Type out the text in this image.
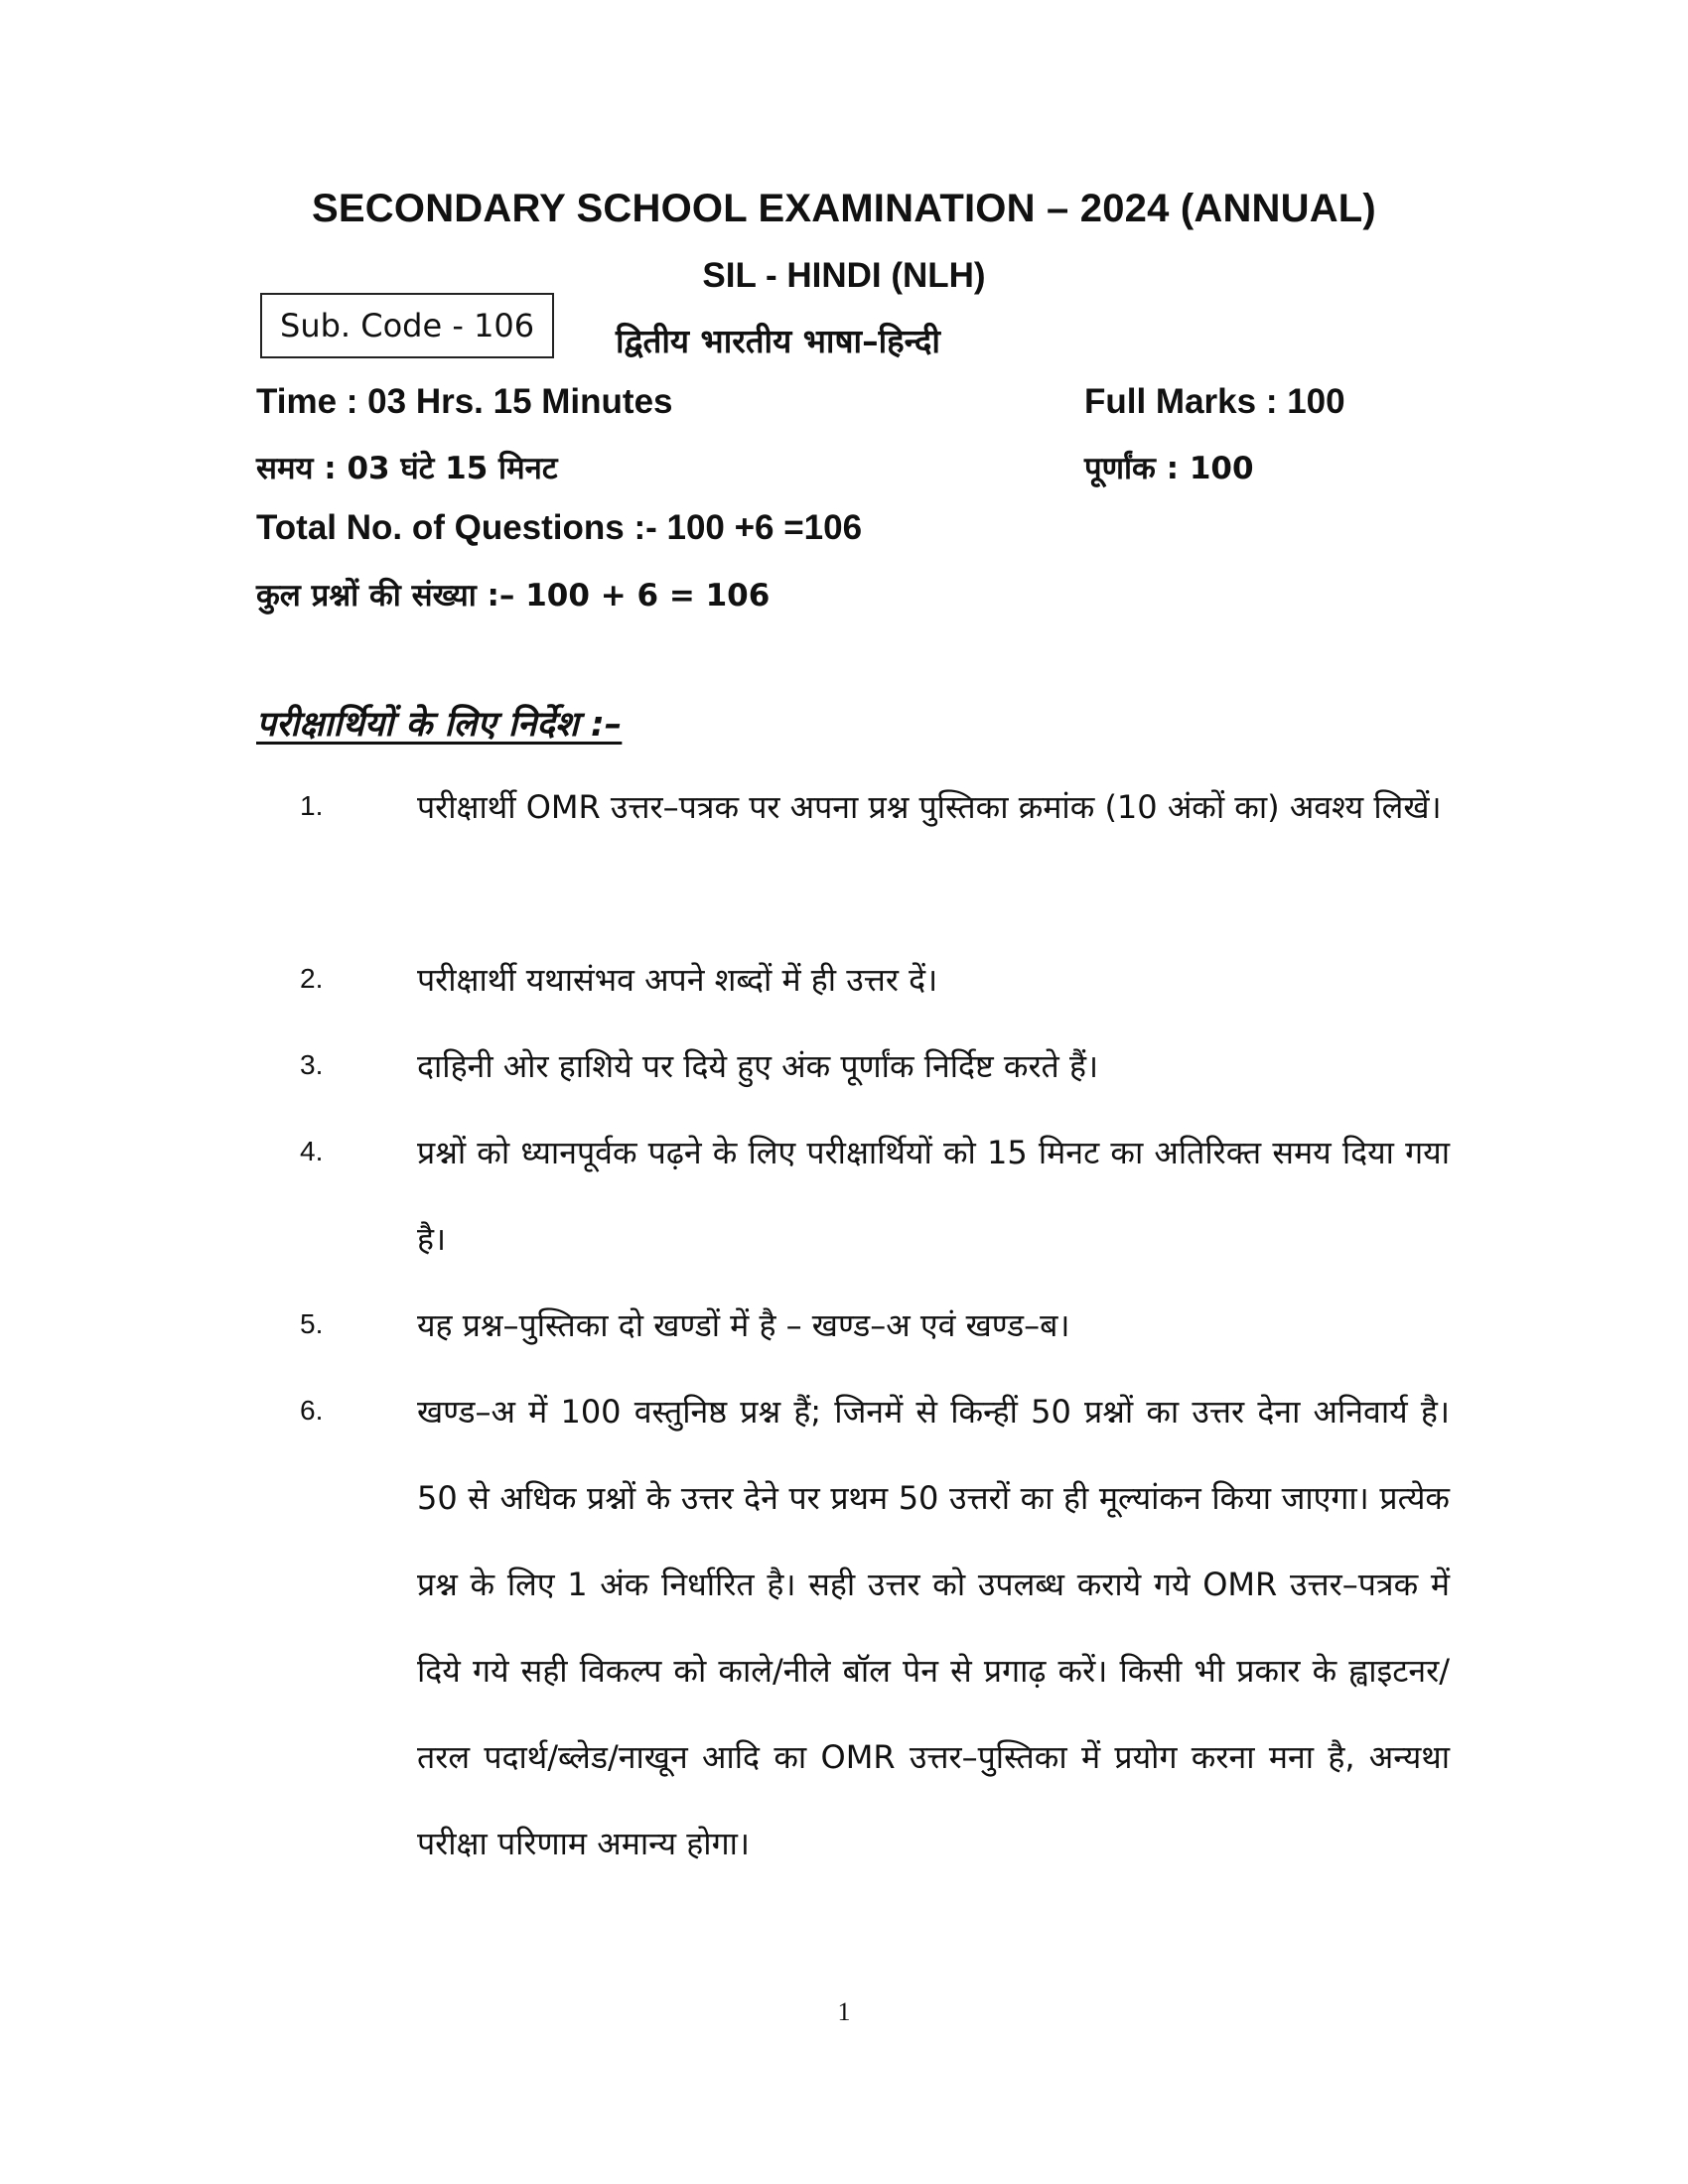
SECONDARY SCHOOL EXAMINATION – 2024 (ANNUAL)
SIL - HINDI (NLH)
Sub. Code - 106	द्वितीय भारतीय भाषा–हिन्दी
Time : 03 Hrs. 15 Minutes	Full Marks : 100
समय : 03 घंटे 15 मिनट	पूर्णांक : 100
Total No. of Questions :- 100 +6 =106
कुल प्रश्नों की संख्या :– 100 + 6 = 106
परीक्षार्थियों के लिए निर्देश :–
1.	परीक्षार्थी OMR उत्तर–पत्रक पर अपना प्रश्न पुस्तिका क्रमांक (10 अंकों का) अवश्य लिखें।
2.	परीक्षार्थी यथासंभव अपने शब्दों में ही उत्तर दें।
3.	दाहिनी ओर हाशिये पर दिये हुए अंक पूर्णांक निर्दिष्ट करते हैं।
4.	प्रश्नों को ध्यानपूर्वक पढ़ने के लिए परीक्षार्थियों को 15 मिनट का अतिरिक्त समय दिया गया है।
5.	यह प्रश्न–पुस्तिका दो खण्डों में है – खण्ड–अ एवं खण्ड–ब।
6.	खण्ड–अ में 100 वस्तुनिष्ठ प्रश्न हैं; जिनमें से किन्हीं 50 प्रश्नों का उत्तर देना अनिवार्य है। 50 से अधिक प्रश्नों के उत्तर देने पर प्रथम 50 उत्तरों का ही मूल्यांकन किया जाएगा। प्रत्येक प्रश्न के लिए 1 अंक निर्धारित है। सही उत्तर को उपलब्ध कराये गये OMR उत्तर–पत्रक में दिये गये सही विकल्प को काले/नीले बॉल पेन से प्रगाढ़ करें। किसी भी प्रकार के ह्वाइटनर/तरल पदार्थ/ब्लेड/नाखून आदि का OMR उत्तर–पुस्तिका में प्रयोग करना मना है, अन्यथा परीक्षा परिणाम अमान्य होगा।
1
